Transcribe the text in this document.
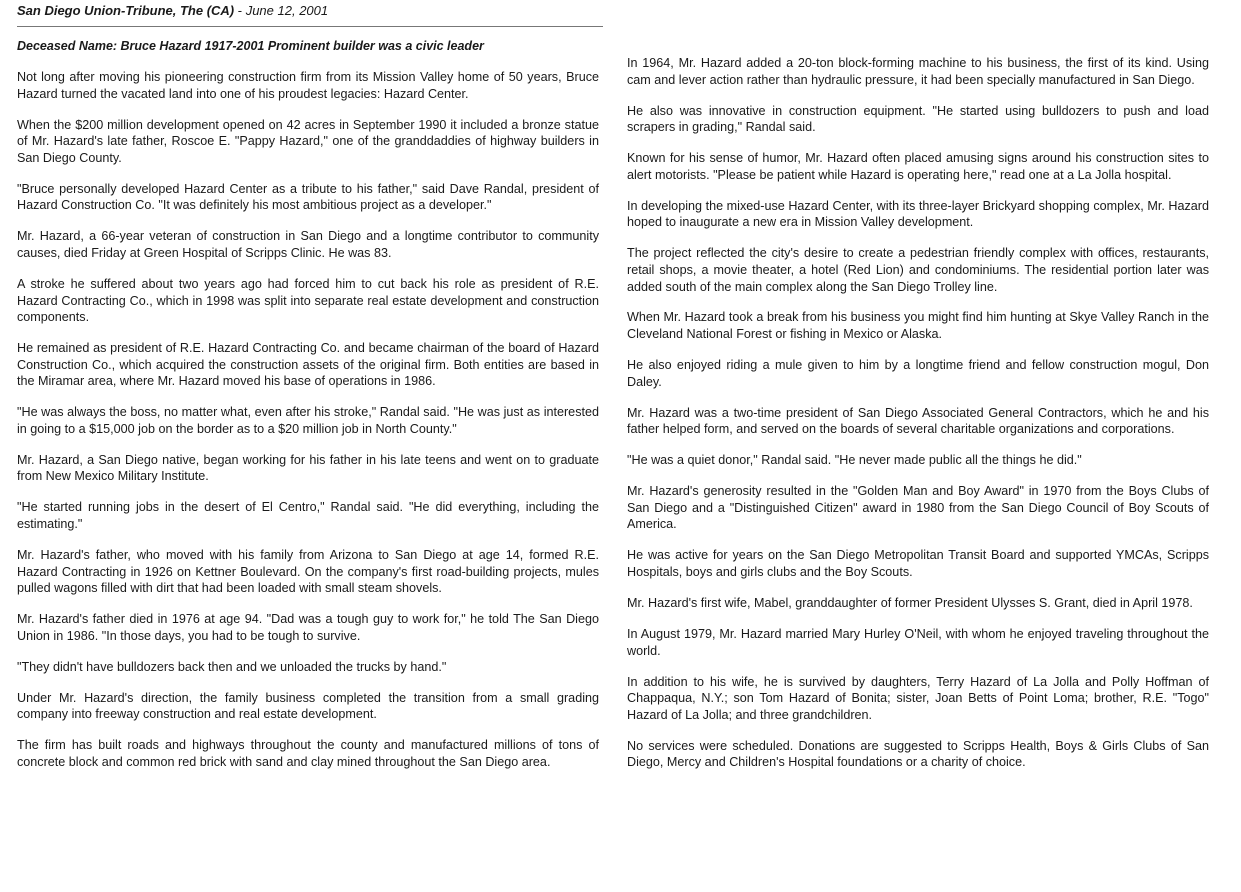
San Diego Union-Tribune, The (CA) - June 12, 2001
Deceased Name: Bruce Hazard 1917-2001 Prominent builder was a civic leader

Not long after moving his pioneering construction firm from its Mission Valley home of 50 years, Bruce Hazard turned the vacated land into one of his proudest legacies: Hazard Center.

When the $200 million development opened on 42 acres in September 1990 it included a bronze statue of Mr. Hazard's late father, Roscoe E. "Pappy Hazard," one of the granddaddies of highway builders in San Diego County.

"Bruce personally developed Hazard Center as a tribute to his father," said Dave Randal, president of Hazard Construction Co. "It was definitely his most ambitious project as a developer."

Mr. Hazard, a 66-year veteran of construction in San Diego and a longtime contributor to community causes, died Friday at Green Hospital of Scripps Clinic. He was 83.

A stroke he suffered about two years ago had forced him to cut back his role as president of R.E. Hazard Contracting Co., which in 1998 was split into separate real estate development and construction components.

He remained as president of R.E. Hazard Contracting Co. and became chairman of the board of Hazard Construction Co., which acquired the construction assets of the original firm. Both entities are based in the Miramar area, where Mr. Hazard moved his base of operations in 1986.

"He was always the boss, no matter what, even after his stroke," Randal said. "He was just as interested in going to a $15,000 job on the border as to a $20 million job in North County."

Mr. Hazard, a San Diego native, began working for his father in his late teens and went on to graduate from New Mexico Military Institute.

"He started running jobs in the desert of El Centro," Randal said. "He did everything, including the estimating."

Mr. Hazard's father, who moved with his family from Arizona to San Diego at age 14, formed R.E. Hazard Contracting in 1926 on Kettner Boulevard. On the company's first road-building projects, mules pulled wagons filled with dirt that had been loaded with small steam shovels.

Mr. Hazard's father died in 1976 at age 94. "Dad was a tough guy to work for," he told The San Diego Union in 1986. "In those days, you had to be tough to survive.

"They didn't have bulldozers back then and we unloaded the trucks by hand."

Under Mr. Hazard's direction, the family business completed the transition from a small grading company into freeway construction and real estate development.

The firm has built roads and highways throughout the county and manufactured millions of tons of concrete block and common red brick with sand and clay mined throughout the San Diego area.

In 1964, Mr. Hazard added a 20-ton block-forming machine to his business, the first of its kind. Using cam and lever action rather than hydraulic pressure, it had been specially manufactured in San Diego.

He also was innovative in construction equipment. "He started using bulldozers to push and load scrapers in grading," Randal said.

Known for his sense of humor, Mr. Hazard often placed amusing signs around his construction sites to alert motorists. "Please be patient while Hazard is operating here," read one at a La Jolla hospital.

In developing the mixed-use Hazard Center, with its three-layer Brickyard shopping complex, Mr. Hazard hoped to inaugurate a new era in Mission Valley development.

The project reflected the city's desire to create a pedestrian friendly complex with offices, restaurants, retail shops, a movie theater, a hotel (Red Lion) and condominiums. The residential portion later was added south of the main complex along the San Diego Trolley line.

When Mr. Hazard took a break from his business you might find him hunting at Skye Valley Ranch in the Cleveland National Forest or fishing in Mexico or Alaska.

He also enjoyed riding a mule given to him by a longtime friend and fellow construction mogul, Don Daley.

Mr. Hazard was a two-time president of San Diego Associated General Contractors, which he and his father helped form, and served on the boards of several charitable organizations and corporations.

"He was a quiet donor," Randal said. "He never made public all the things he did."

Mr. Hazard's generosity resulted in the "Golden Man and Boy Award" in 1970 from the Boys Clubs of San Diego and a "Distinguished Citizen" award in 1980 from the San Diego Council of Boy Scouts of America.

He was active for years on the San Diego Metropolitan Transit Board and supported YMCAs, Scripps Hospitals, boys and girls clubs and the Boy Scouts.

Mr. Hazard's first wife, Mabel, granddaughter of former President Ulysses S. Grant, died in April 1978.

In August 1979, Mr. Hazard married Mary Hurley O'Neil, with whom he enjoyed traveling throughout the world.

In addition to his wife, he is survived by daughters, Terry Hazard of La Jolla and Polly Hoffman of Chappaqua, N.Y.; son Tom Hazard of Bonita; sister, Joan Betts of Point Loma; brother, R.E. "Togo" Hazard of La Jolla; and three grandchildren.

No services were scheduled. Donations are suggested to Scripps Health, Boys & Girls Clubs of San Diego, Mercy and Children's Hospital foundations or a charity of choice.
